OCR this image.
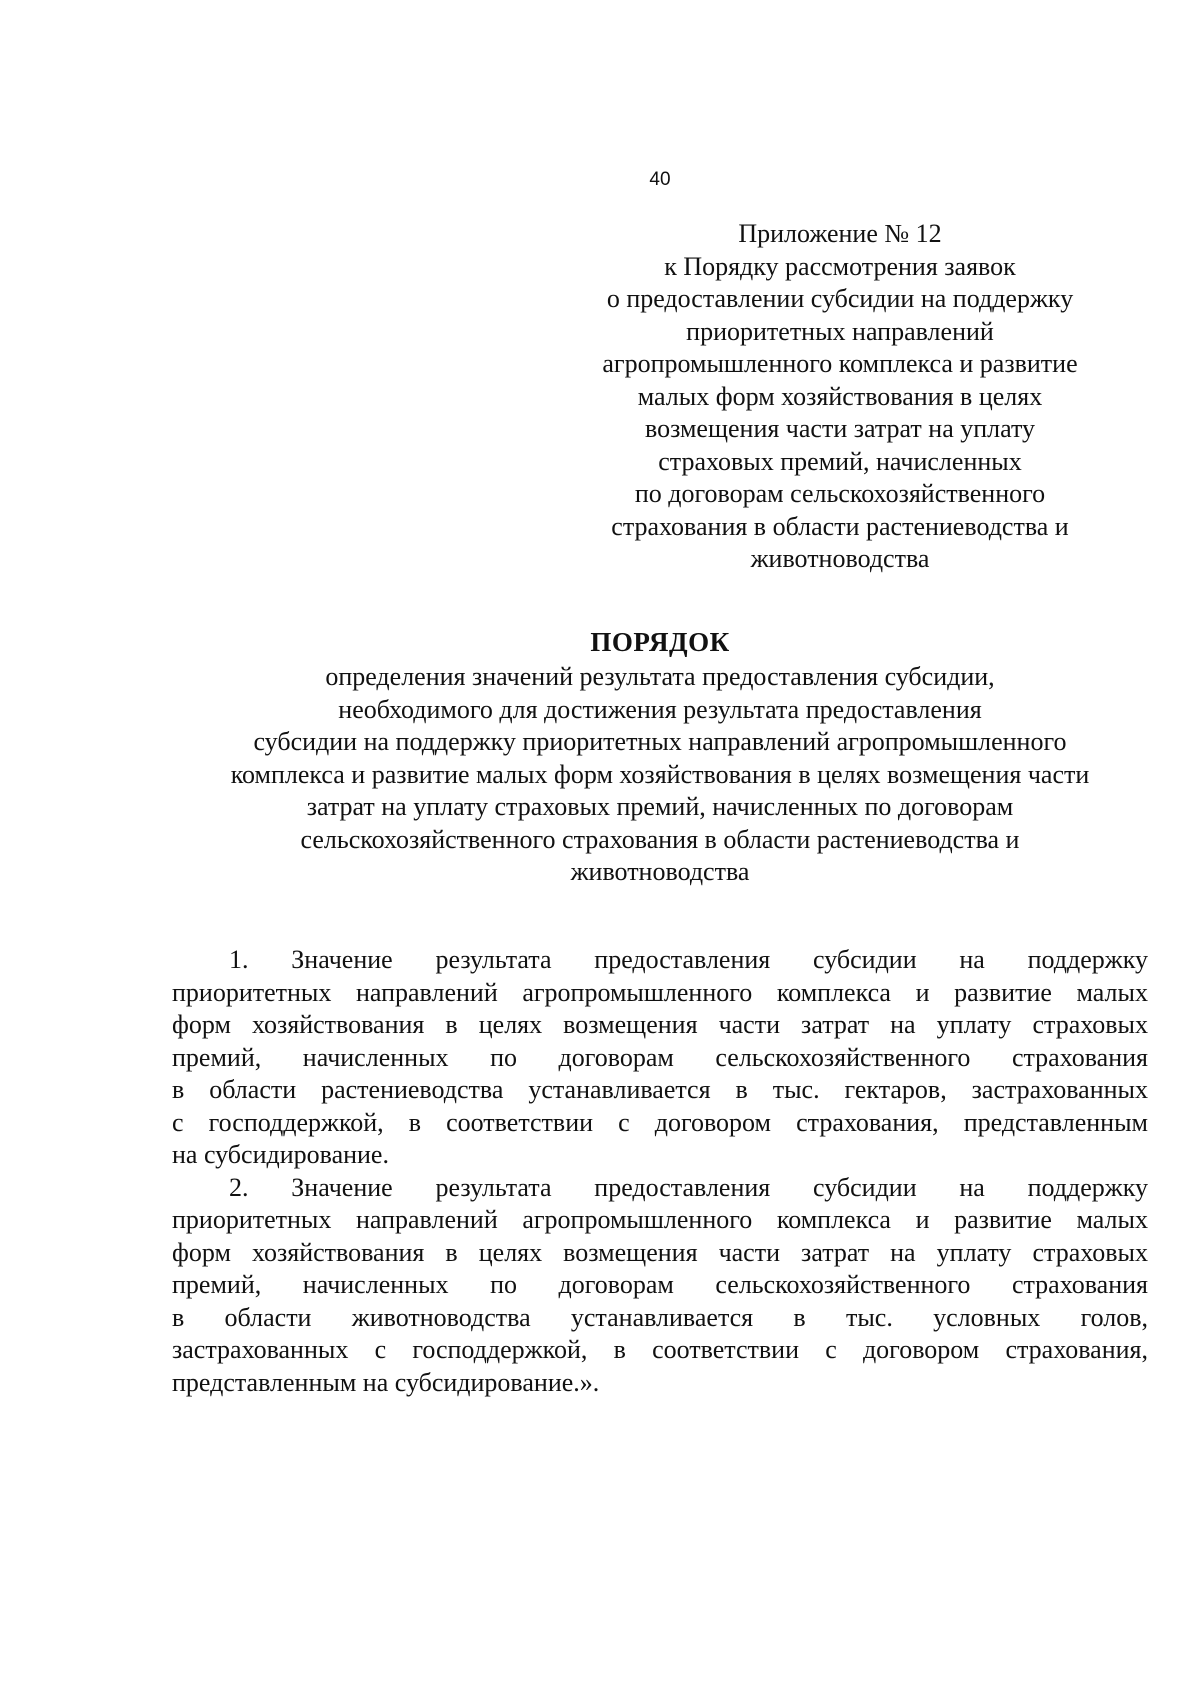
40
Приложение № 12
к Порядку рассмотрения заявок
о предоставлении субсидии на поддержку
приоритетных направлений
агропромышленного комплекса и развитие
малых форм хозяйствования в целях
возмещения части затрат на уплату
страховых премий, начисленных
по договорам сельскохозяйственного
страхования в области растениеводства и
животноводства
ПОРЯДОК
определения значений результата предоставления субсидии,
необходимого для достижения результата предоставления
субсидии на поддержку приоритетных направлений агропромышленного
комплекса и развитие малых форм хозяйствования в целях возмещения части
затрат на уплату страховых премий, начисленных по договорам
сельскохозяйственного страхования в области растениеводства и
животноводства
1. Значение результата предоставления субсидии на поддержку
приоритетных направлений агропромышленного комплекса и развитие малых
форм хозяйствования в целях возмещения части затрат на уплату страховых
премий, начисленных по договорам сельскохозяйственного страхования
в области растениеводства устанавливается в тыс. гектаров, застрахованных
с господдержкой, в соответствии с договором страхования, представленным
на субсидирование.
2. Значение результата предоставления субсидии на поддержку
приоритетных направлений агропромышленного комплекса и развитие малых
форм хозяйствования в целях возмещения части затрат на уплату страховых
премий, начисленных по договорам сельскохозяйственного страхования
в области животноводства устанавливается в тыс. условных голов,
застрахованных с господдержкой, в соответствии с договором страхования,
представленным на субсидирование.».
